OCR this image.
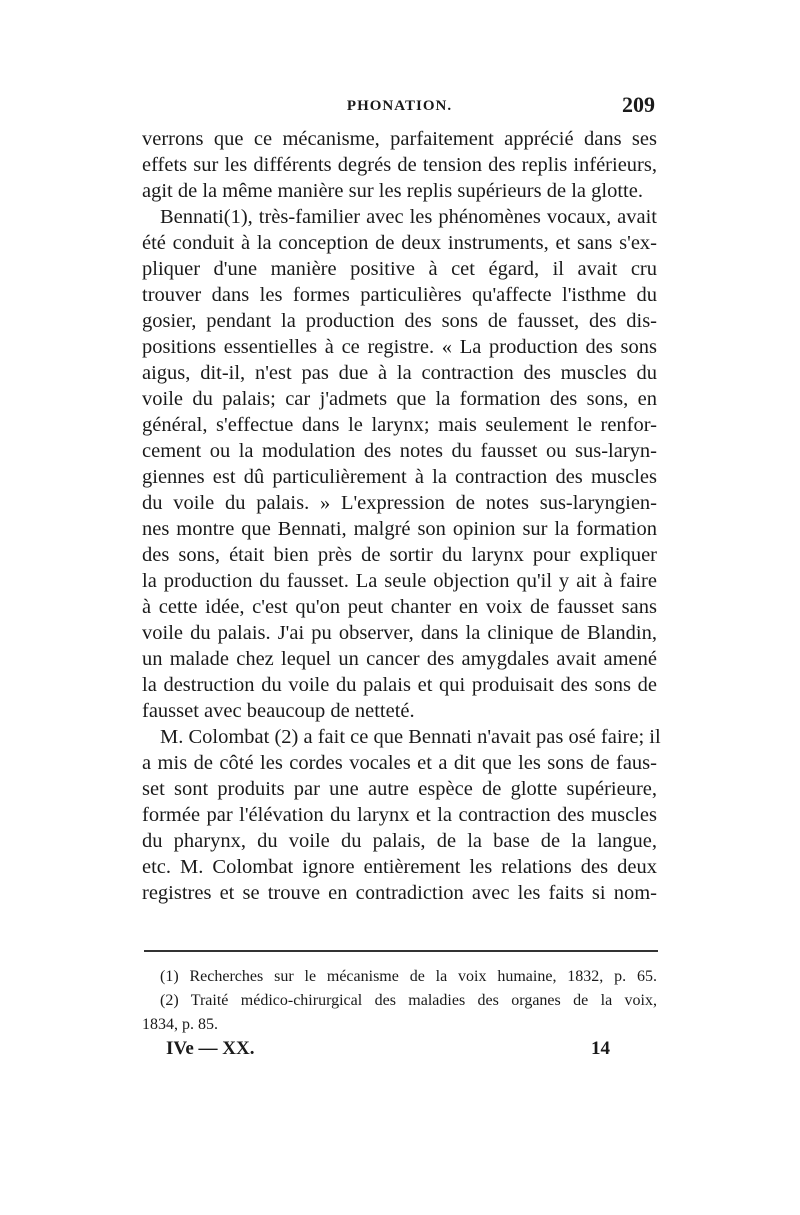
PHONATION.	209
verrons que ce mécanisme, parfaitement apprécié dans ses
effets sur les différents degrés de tension des replis inférieurs,
agit de la même manière sur les replis supérieurs de la glotte.
Bennati(1), très-familier avec les phénomènes vocaux, avait
été conduit à la conception de deux instruments, et sans s'ex-
pliquer d'une manière positive à cet égard, il avait cru
trouver dans les formes particulières qu'affecte l'isthme du
gosier, pendant la production des sons de fausset, des dis-
positions essentielles à ce registre. « La production des sons
aigus, dit-il, n'est pas due à la contraction des muscles du
voile du palais; car j'admets que la formation des sons, en
général, s'effectue dans le larynx; mais seulement le renfor-
cement ou la modulation des notes du fausset ou sus-laryn-
giennes est dû particulièrement à la contraction des muscles
du voile du palais. » L'expression de notes sus-laryngien-
nes montre que Bennati, malgré son opinion sur la formation
des sons, était bien près de sortir du larynx pour expliquer
la production du fausset. La seule objection qu'il y ait à faire
à cette idée, c'est qu'on peut chanter en voix de fausset sans
voile du palais. J'ai pu observer, dans la clinique de Blandin,
un malade chez lequel un cancer des amygdales avait amené
la destruction du voile du palais et qui produisait des sons de
fausset avec beaucoup de netteté.
M. Colombat (2) a fait ce que Bennati n'avait pas osé faire; il
a mis de côté les cordes vocales et a dit que les sons de faus-
set sont produits par une autre espèce de glotte supérieure,
formée par l'élévation du larynx et la contraction des muscles
du pharynx, du voile du palais, de la base de la langue,
etc. M. Colombat ignore entièrement les relations des deux
registres et se trouve en contradiction avec les faits si nom-
(1) Recherches sur le mécanisme de la voix humaine, 1832, p. 65.
(2) Traité médico-chirurgical des maladies des organes de la voix,
1834, p. 85.
IVe — XX.	14
